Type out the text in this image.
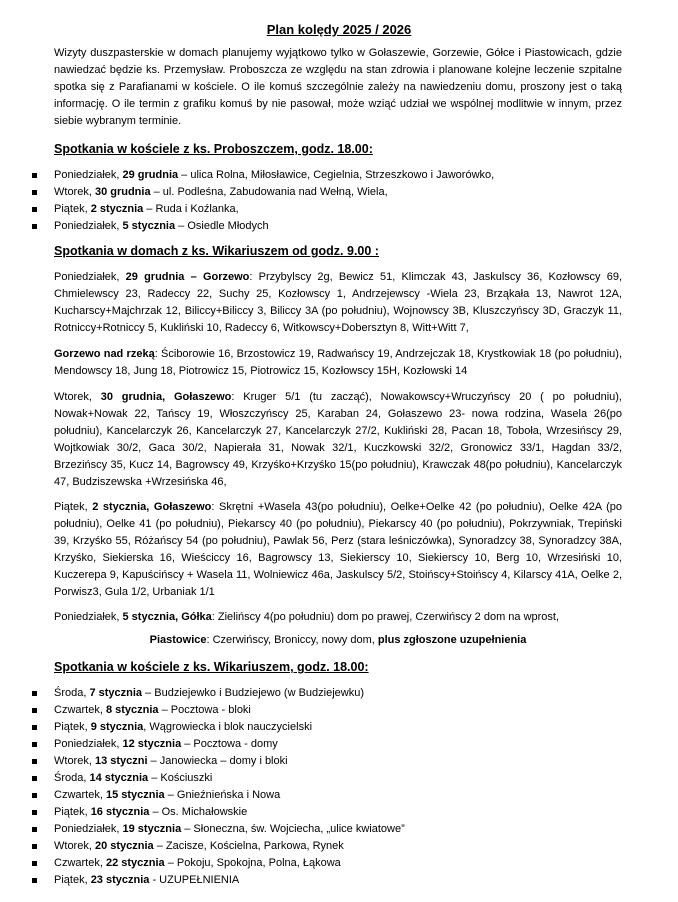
Plan kolędy 2025 / 2026
Wizyty duszpasterskie w domach planujemy wyjątkowo tylko w Gołaszewie, Gorzewie, Gółce i Piastowicach, gdzie nawiedzać będzie ks. Przemysław. Proboszcza ze względu na stan zdrowia i planowane kolejne leczenie szpitalne spotka się z Parafianami w kościele. O ile komuś szczególnie zależy na nawiedzeniu domu, proszony jest o taką informację. O ile termin z grafiku komuś by nie pasował, może wziąć udział we wspólnej modlitwie w innym, przez siebie wybranym terminie.
Spotkania w kościele z ks. Proboszczem, godz. 18.00:
Poniedziałek, 29 grudnia – ulica Rolna, Miłosławice, Cegielnia, Strzeszkowo i Jaworówko,
Wtorek, 30 grudnia – ul. Podleśna, Zabudowania nad Wełną, Wiela,
Piątek, 2 stycznia – Ruda i Koźlanka,
Poniedziałek, 5 stycznia – Osiedle Młodych
Spotkania w domach z ks. Wikariuszem od godz. 9.00 :
Poniedziałek, 29 grudnia – Gorzewo: Przybylscy 2g, Bewicz 51, Klimczak 43, Jaskulscy 36, Kozłowscy 69, Chmielewscy 23, Radeccy 22, Suchy 25, Kozłowscy 1, Andrzejewscy -Wiela 23, Brząkała 13, Nawrot 12A, Kucharscy+Majchrzak 12, Biliccy+Biliccy 3, Biliccy 3A (po południu), Wojnowscy 3B, Kluszczyńscy 3D, Graczyk 11, Rotniccy+Rotniccy 5, Kukliński 10, Radeccy 6, Witkowscy+Dobersztyn 8, Witt+Witt 7,
Gorzewo nad rzeką: Ściborowie 16, Brzostowicz 19, Radwańscy 19, Andrzejczak 18, Krystkowiak 18 (po południu), Mendowscy 18, Jung 18, Piotrowicz 15, Piotrowicz 15, Kozłowscy 15H, Kozłowski 14
Wtorek, 30 grudnia, Gołaszewo: Kruger 5/1 (tu zacząć), Nowakowscy+Wruczyńscy 20 ( po południu), Nowak+Nowak 22, Tańscy 19, Włoszczyńscy 25, Karaban 24, Gołaszewo 23- nowa rodzina, Wasela 26(po południu), Kancelarczyk 26, Kancelarczyk 27, Kancelarczyk 27/2, Kukliński 28, Pacan 18, Toboła, Wrzesińscy 29, Wojtkowiak 30/2, Gaca 30/2, Napierała 31, Nowak 32/1, Kuczkowski 32/2, Gronowicz 33/1, Hagdan 33/2, Brzezińscy 35, Kucz 14, Bagrowscy 49, Krzyśko+Krzyśko 15(po południu), Krawczak 48(po południu), Kancelarczyk 47, Budziszewska +Wrzesińska 46,
Piątek, 2 stycznia, Gołaszewo: Skrętni +Wasela 43(po południu), Oelke+Oelke 42 (po południu), Oelke 42A (po południu), Oelke 41 (po południu), Piekarscy 40 (po południu), Piekarscy 40 (po południu), Pokrzywniak, Trepiński 39, Krzyśko 55, Różańscy 54 (po południu), Pawlak 56, Perz (stara leśniczówka), Synoradzcy 38, Synoradzcy 38A, Krzyśko, Siekierska 16, Wieściccy 16, Bagrowscy 13, Siekierscy 10, Siekierscy 10, Berg 10, Wrzesiński 10, Kuczerepa 9, Kapuścińscy + Wasela 11, Wolniewicz 46a, Jaskulscy 5/2, Stoińscy+Stoińscy 4, Kilarscy 41A, Oelke 2, Porwisz3, Gula 1/2, Urbaniak 1/1
Poniedziałek, 5 stycznia, Gółka: Zielińscy 4(po południu) dom po prawej, Czerwińscy 2 dom na wprost,
Piastowice: Czerwińscy, Broniccy, nowy dom, plus zgłoszone uzupełnienia
Spotkania w kościele z ks. Wikariuszem, godz. 18.00:
Środa, 7 stycznia – Budziejewko i Budziejewo (w Budziejewku)
Czwartek, 8 stycznia – Pocztowa - bloki
Piątek, 9 stycznia, Wągrowiecka i blok nauczycielski
Poniedziałek, 12 stycznia – Pocztowa - domy
Wtorek, 13 styczni – Janowiecka – domy i bloki
Środa, 14 stycznia – Kościuszki
Czwartek, 15 stycznia – Gnieźnieńska i Nowa
Piątek, 16 stycznia – Os. Michałowskie
Poniedziałek, 19 stycznia – Słoneczna, św. Wojciecha, „ulice kwiatowe”
Wtorek, 20 stycznia – Zacisze, Kościelna, Parkowa, Rynek
Czwartek, 22 stycznia – Pokoju, Spokojna, Polna, Łąkowa
Piątek, 23 stycznia - UZUPEŁNIENIA
